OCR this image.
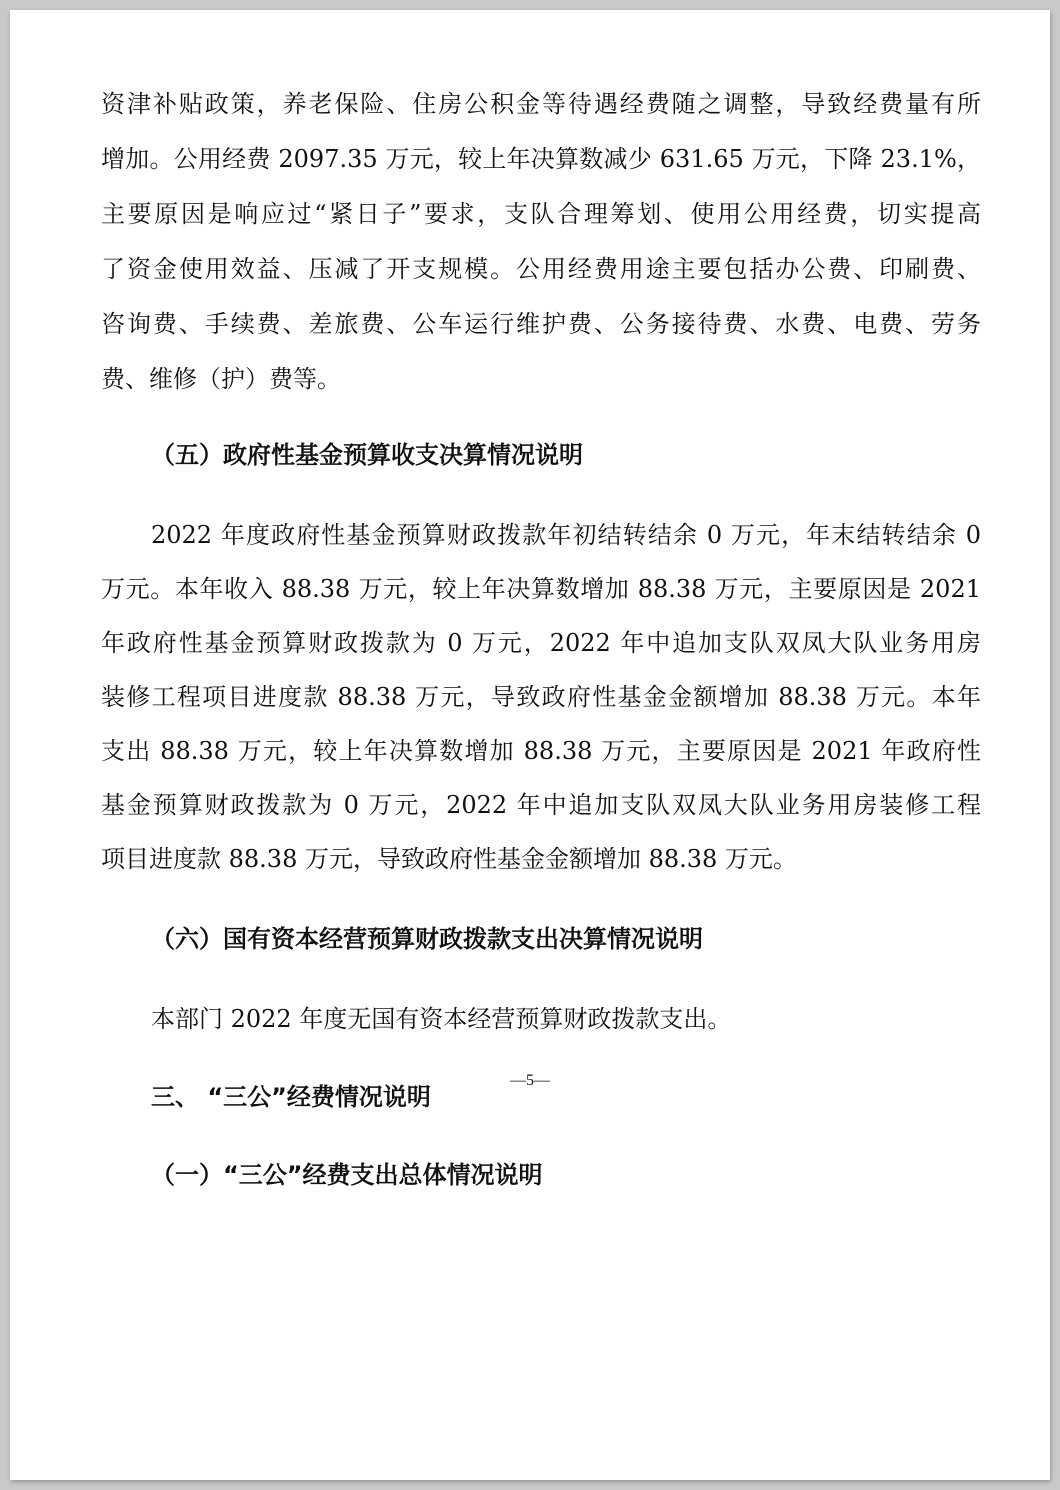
资津补贴政策，养老保险、住房公积金等待遇经费随之调整，导致经费量有所
增加。公用经费 2097.35 万元，较上年决算数减少 631.65 万元，下降 23.1%，
主要原因是响应过“紧日子”要求，支队合理筹划、使用公用经费，切实提高
了资金使用效益、压减了开支规模。公用经费用途主要包括办公费、印刷费、
咨询费、手续费、差旅费、公车运行维护费、公务接待费、水费、电费、劳务
费、维修（护）费等。
（五）政府性基金预算收支决算情况说明
2022 年度政府性基金预算财政拨款年初结转结余 0 万元，年末结转结余 0
万元。本年收入 88.38 万元，较上年决算数增加 88.38 万元，主要原因是 2021
年政府性基金预算财政拨款为 0 万元，2022 年中追加支队双凤大队业务用房
装修工程项目进度款 88.38 万元，导致政府性基金金额增加 88.38 万元。本年
支出 88.38 万元，较上年决算数增加 88.38 万元，主要原因是 2021 年政府性
基金预算财政拨款为 0 万元，2022 年中追加支队双凤大队业务用房装修工程
项目进度款 88.38 万元，导致政府性基金金额增加 88.38 万元。
（六）国有资本经营预算财政拨款支出决算情况说明
本部门 2022 年度无国有资本经营预算财政拨款支出。
三、 “三公”经费情况说明
（一）“三公”经费支出总体情况说明
—5—
